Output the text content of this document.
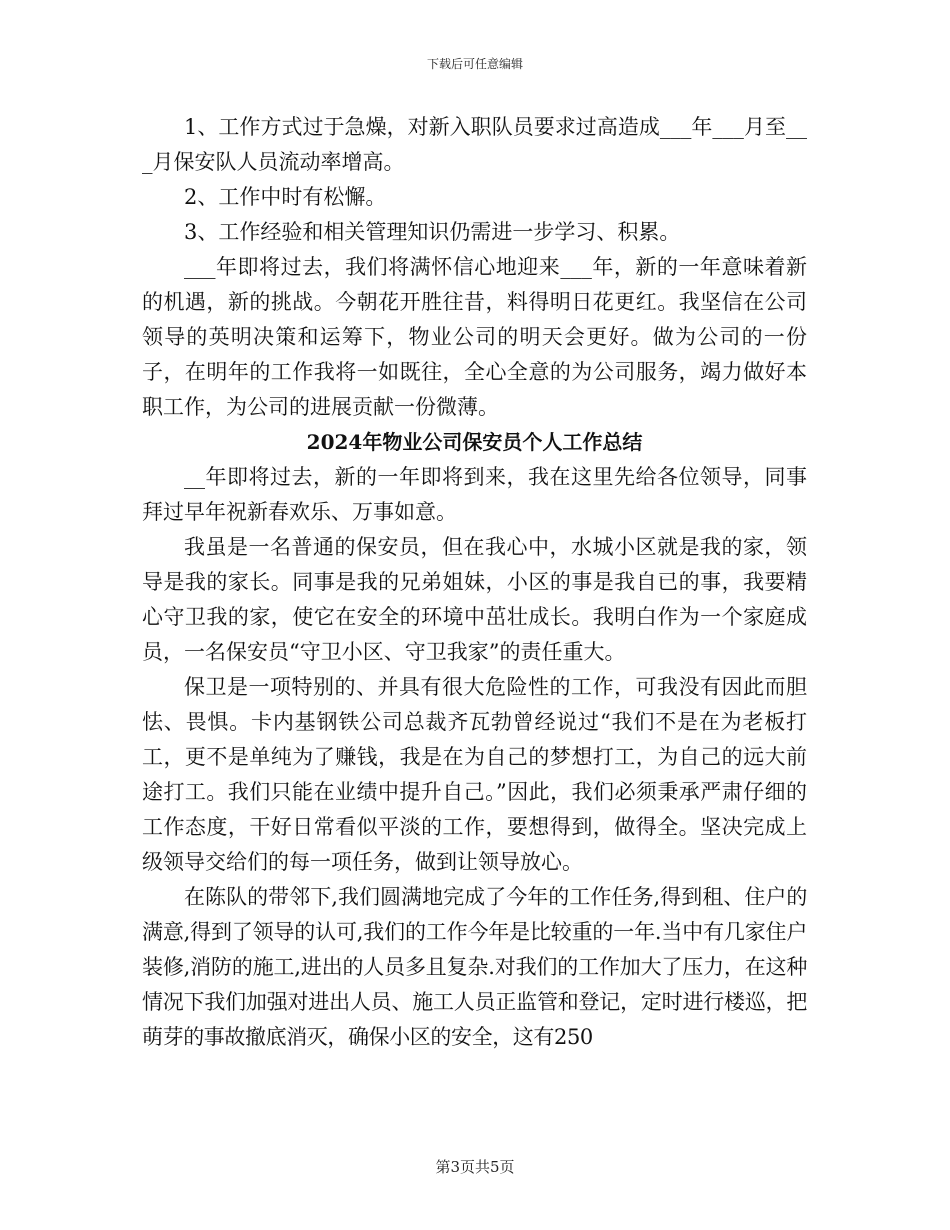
下载后可任意编辑

1、工作方式过于急燥，对新入职队员要求过高造成___年___月至___月保安队人员流动率增高。

2、工作中时有松懈。

3、工作经验和相关管理知识仍需进一步学习、积累。

___年即将过去，我们将满怀信心地迎来___年，新的一年意味着新的机遇，新的挑战。今朝花开胜往昔，料得明日花更红。我坚信在公司领导的英明决策和运筹下，物业公司的明天会更好。做为公司的一份子，在明年的工作我将一如既往，全心全意的为公司服务，竭力做好本职工作，为公司的进展贡献一份微薄。

2024年物业公司保安员个人工作总结

__年即将过去，新的一年即将到来，我在这里先给各位领导，同事拜过早年祝新春欢乐、万事如意。

我虽是一名普通的保安员，但在我心中，水城小区就是我的家，领导是我的家长。同事是我的兄弟姐妹，小区的事是我自已的事，我要精心守卫我的家，使它在安全的环境中茁壮成长。我明白作为一个家庭成员，一名保安员“守卫小区、守卫我家”的责任重大。

保卫是一项特别的、并具有很大危险性的工作，可我没有因此而胆怯、畏惧。卡内基钢铁公司总裁齐瓦勃曾经说过“我们不是在为老板打工，更不是单纯为了赚钱，我是在为自己的梦想打工，为自己的远大前途打工。我们只能在业绩中提升自己。”因此，我们必须秉承严肃仔细的工作态度，干好日常看似平淡的工作，要想得到，做得全。坚决完成上级领导交给们的每一项任务，做到让领导放心。

在陈队的带邻下,我们圆满地完成了今年的工作任务,得到租、住户的满意,得到了领导的认可,我们的工作今年是比较重的一年.当中有几家住户装修,消防的施工,进出的人员多且复杂.对我们的工作加大了压力，在这种情况下我们加强对进出人员、施工人员正监管和登记，定时进行楼巡，把萌芽的事故撤底消灭，确保小区的安全，这有250

第3页共5页
